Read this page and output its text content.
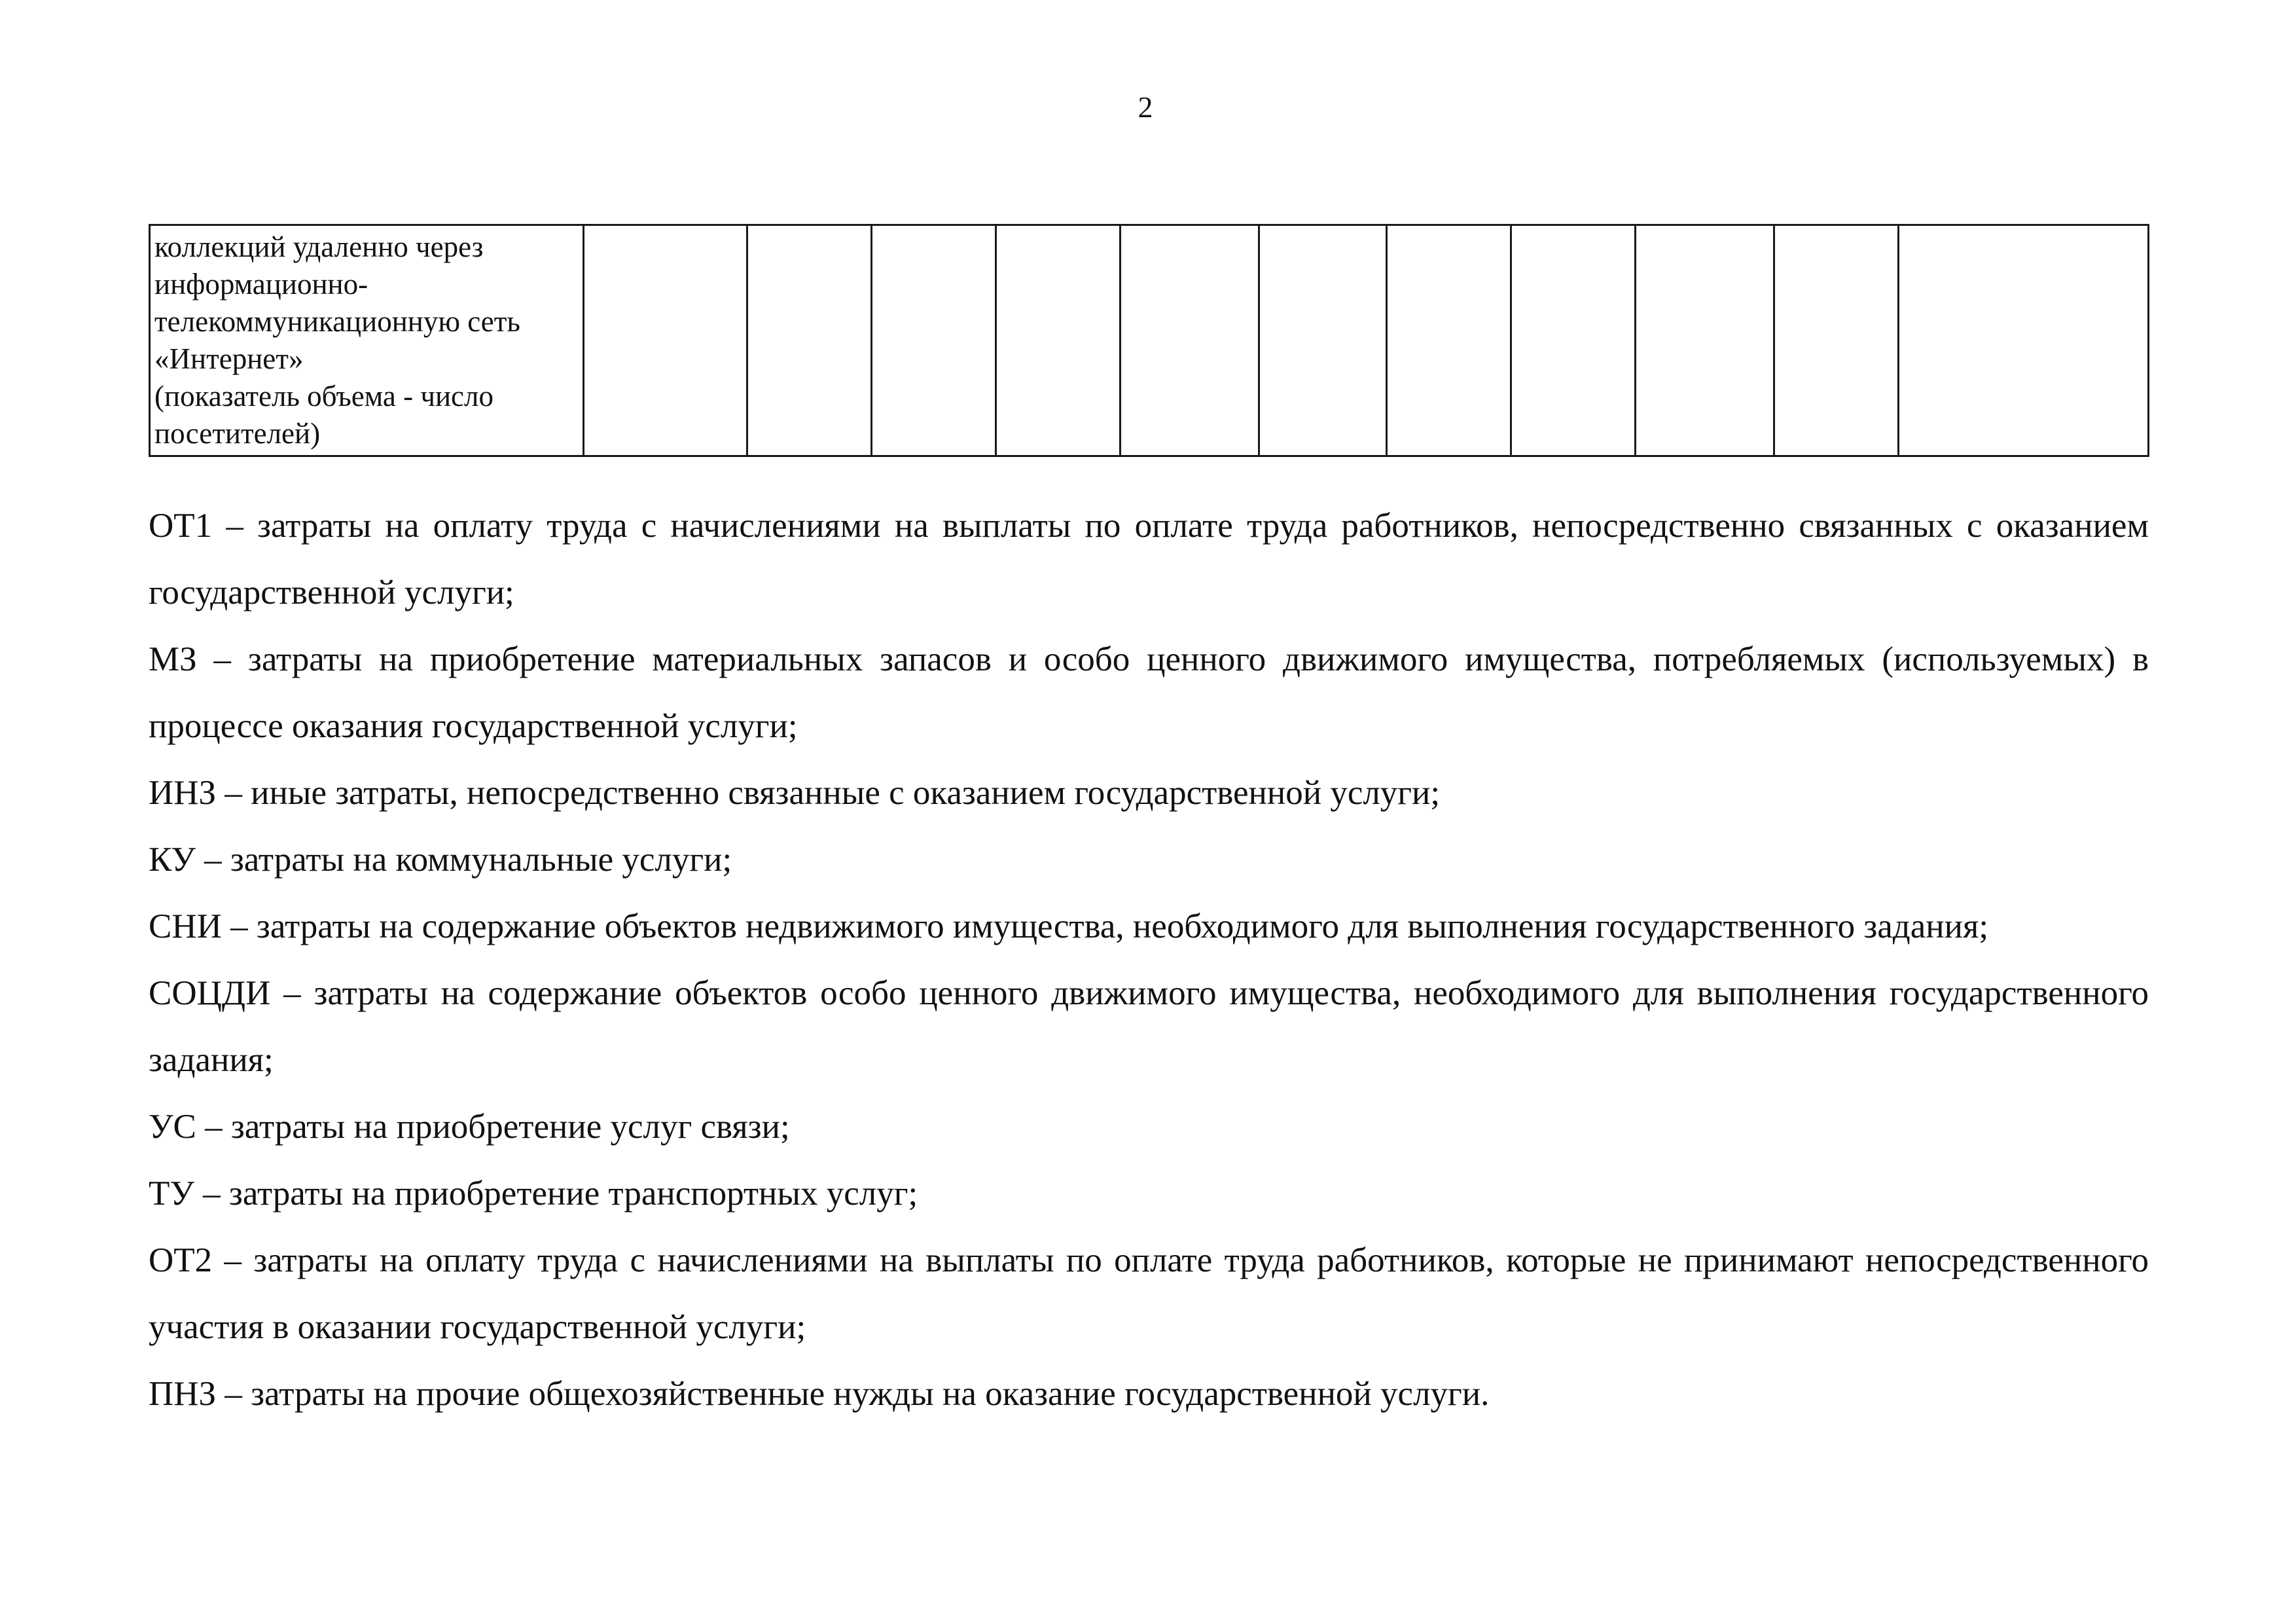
2
коллекций удаленно через
информационно-
телекоммуникационную сеть
«Интернет»
(показатель объема - число
посетителей)											

ОТ1 – затраты на оплату труда с начислениями на выплаты по оплате труда работников, непосредственно связанных с оказанием государственной услуги;

МЗ – затраты на приобретение материальных запасов и особо ценного движимого имущества, потребляемых (используемых) в процессе оказания государственной услуги;

ИНЗ – иные затраты, непосредственно связанные с оказанием государственной услуги;

КУ – затраты на коммунальные услуги;

СНИ – затраты на содержание объектов недвижимого имущества, необходимого для выполнения государственного задания;

СОЦДИ – затраты на содержание объектов особо ценного движимого имущества, необходимого для выполнения государственного задания;

УС – затраты на приобретение услуг связи;

ТУ – затраты на приобретение транспортных услуг;

ОТ2 – затраты на оплату труда с начислениями на выплаты по оплате труда работников, которые не принимают непосредственного участия в оказании государственной услуги;

ПНЗ – затраты на прочие общехозяйственные нужды на оказание государственной услуги.
